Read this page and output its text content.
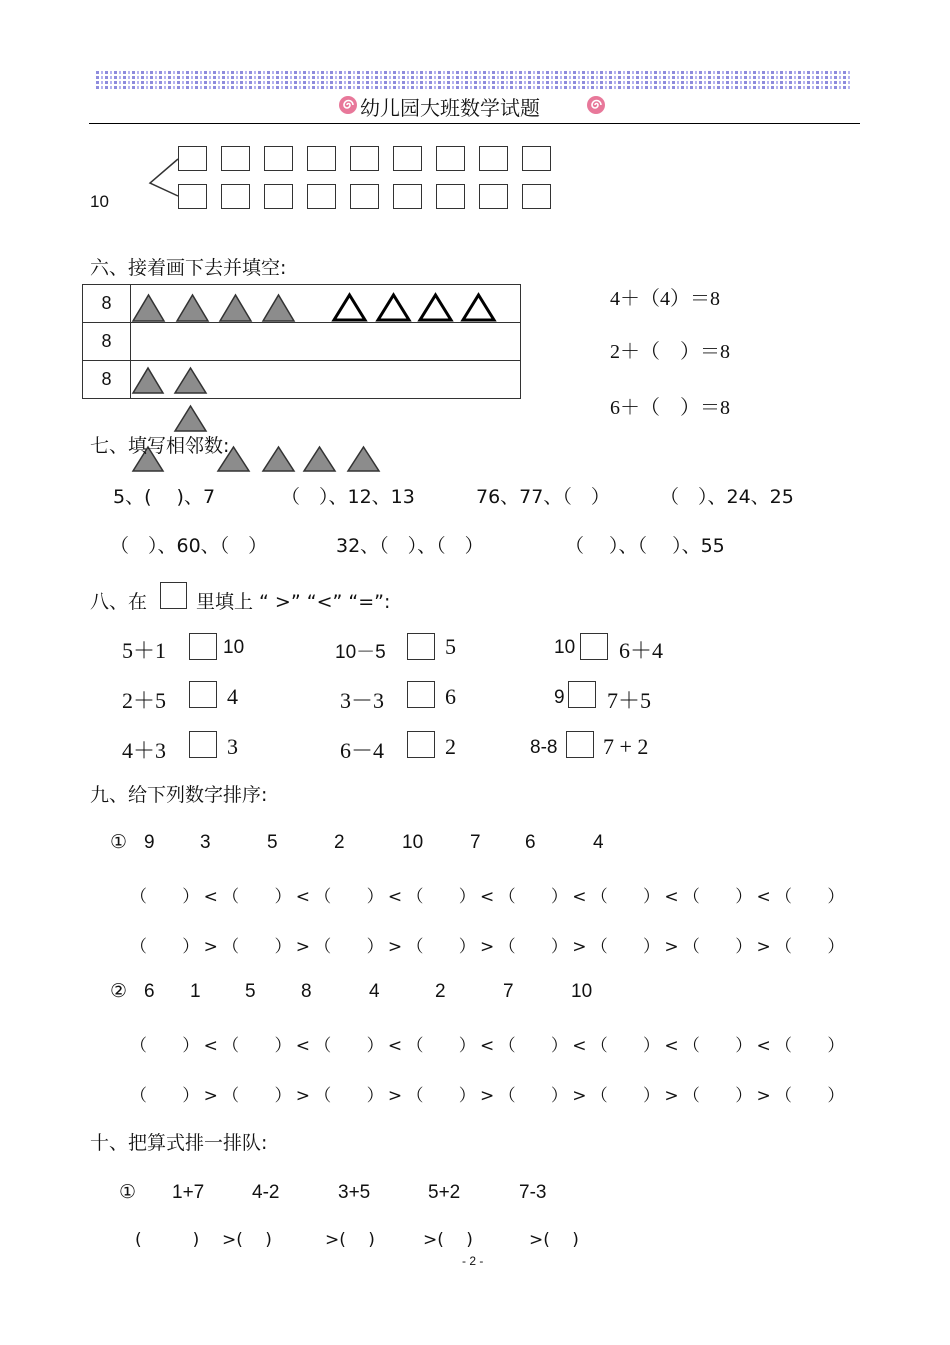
幼儿园大班数学试题
10
六、接着画下去并填空:
8	
8	
8	
4＋（4）＝8
2＋（　）＝8
6＋（　）＝8
七、填写相邻数:
5、(　 )、7	（　）、12、13	76、77、（　）	（　）、24、25
（　）、60、（　）	32、（　）、（　）	（　 ）、（　 ）、55
八、在	里填上 “ >” “<” “=”:
5＋1	10	10－5	5	10 6＋4
2＋5	4	3－3	6	9 7＋5
4＋3	3	6－4	2	8-8 7 + 2
九、给下列数字排序:
① 9 3	5	2	10 7 6	4
（　 ）<（　 ）<（　 ）<（　 ）<（　 ）<（　 ）<（　 ）<（　 ）
（　 ）>（　 ）>（　 ）>（　 ）>（　 ）>（　 ）>（　 ）>（　 ）
② 6 1 5 8	4	2	7	10
（　 ）<（　 ）<（　 ）<（　 ）<（　 ）<（　 ）<（　 ）<（　 ）
（　 ）>（　 ）>（　 ）>（　 ）>（　 ）>（　 ）>（　 ）>（　 ）
十、把算式排一排队:
① 1+7	4-2	3+5	5+2	7-3
(　　　) >(　 )	>(　 )	>(　 )	>(　 )
- 2 -
